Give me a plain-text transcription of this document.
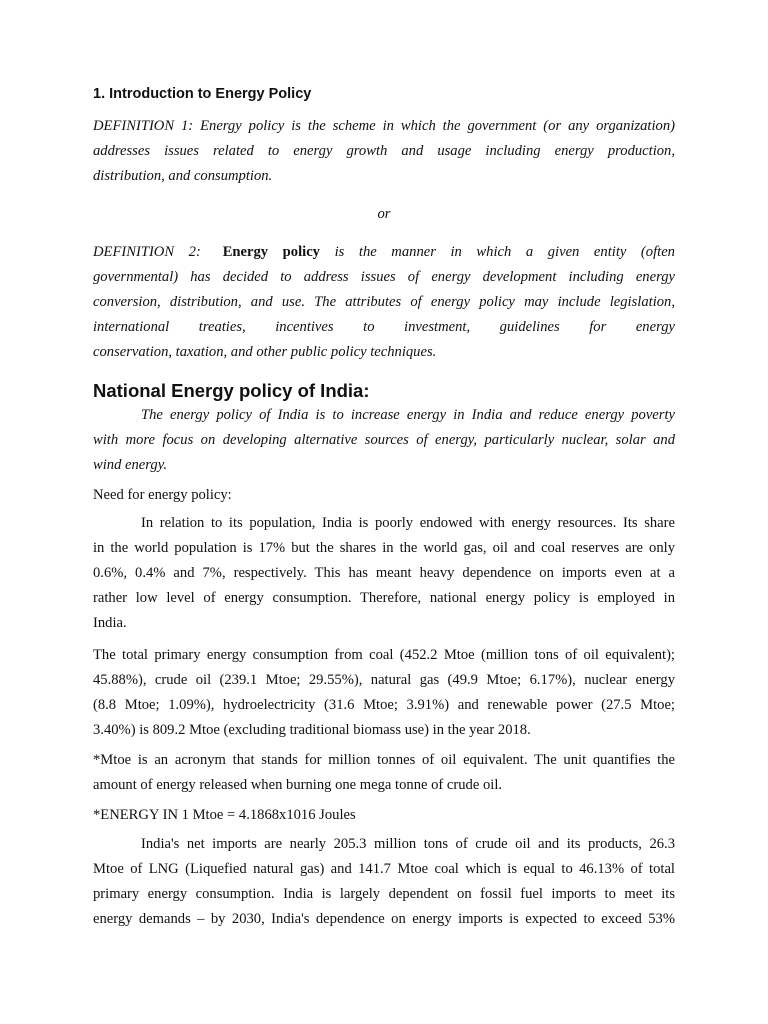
1. Introduction to Energy Policy
DEFINITION 1: Energy policy is the scheme in which the government (or any organization)
addresses issues related to energy growth and usage including energy production,
distribution, and consumption.
or
DEFINITION 2:   Energy policy is the manner in which a given entity (often
governmental) has decided to address issues of energy development including energy
conversion, distribution, and use. The attributes of energy policy may include legislation,
international treaties, incentives to investment, guidelines for energy
conservation, taxation, and other public policy techniques.
National Energy policy of India:
The energy policy of India is to increase energy in India and reduce energy poverty
with more focus on developing alternative sources of energy, particularly nuclear, solar and
wind energy.
Need for energy policy:
In relation to its population, India is poorly endowed with energy resources. Its share
in the world population is 17% but the shares in the world gas, oil and coal reserves are only
0.6%, 0.4% and 7%, respectively. This has meant heavy dependence on imports even at a
rather low level of energy consumption. Therefore, national energy policy is employed in
India.
The total primary energy consumption from coal (452.2 Mtoe (million tons of oil equivalent);
45.88%), crude oil (239.1 Mtoe; 29.55%), natural gas (49.9 Mtoe; 6.17%), nuclear energy
(8.8 Mtoe; 1.09%), hydroelectricity (31.6 Mtoe; 3.91%) and renewable power (27.5 Mtoe;
3.40%) is 809.2 Mtoe (excluding traditional biomass use) in the year 2018.
*Mtoe is an acronym that stands for million tonnes of oil equivalent. The unit quantifies the
amount of energy released when burning one mega tonne of crude oil.
*ENERGY IN 1 Mtoe = 4.1868x1016 Joules
India's net imports are nearly 205.3 million tons of crude oil and its products, 26.3
Mtoe of LNG (Liquefied natural gas) and 141.7 Mtoe coal which is equal to 46.13% of total
primary energy consumption. India is largely dependent on fossil fuel imports to meet its
energy demands – by 2030, India's dependence on energy imports is expected to exceed 53%
